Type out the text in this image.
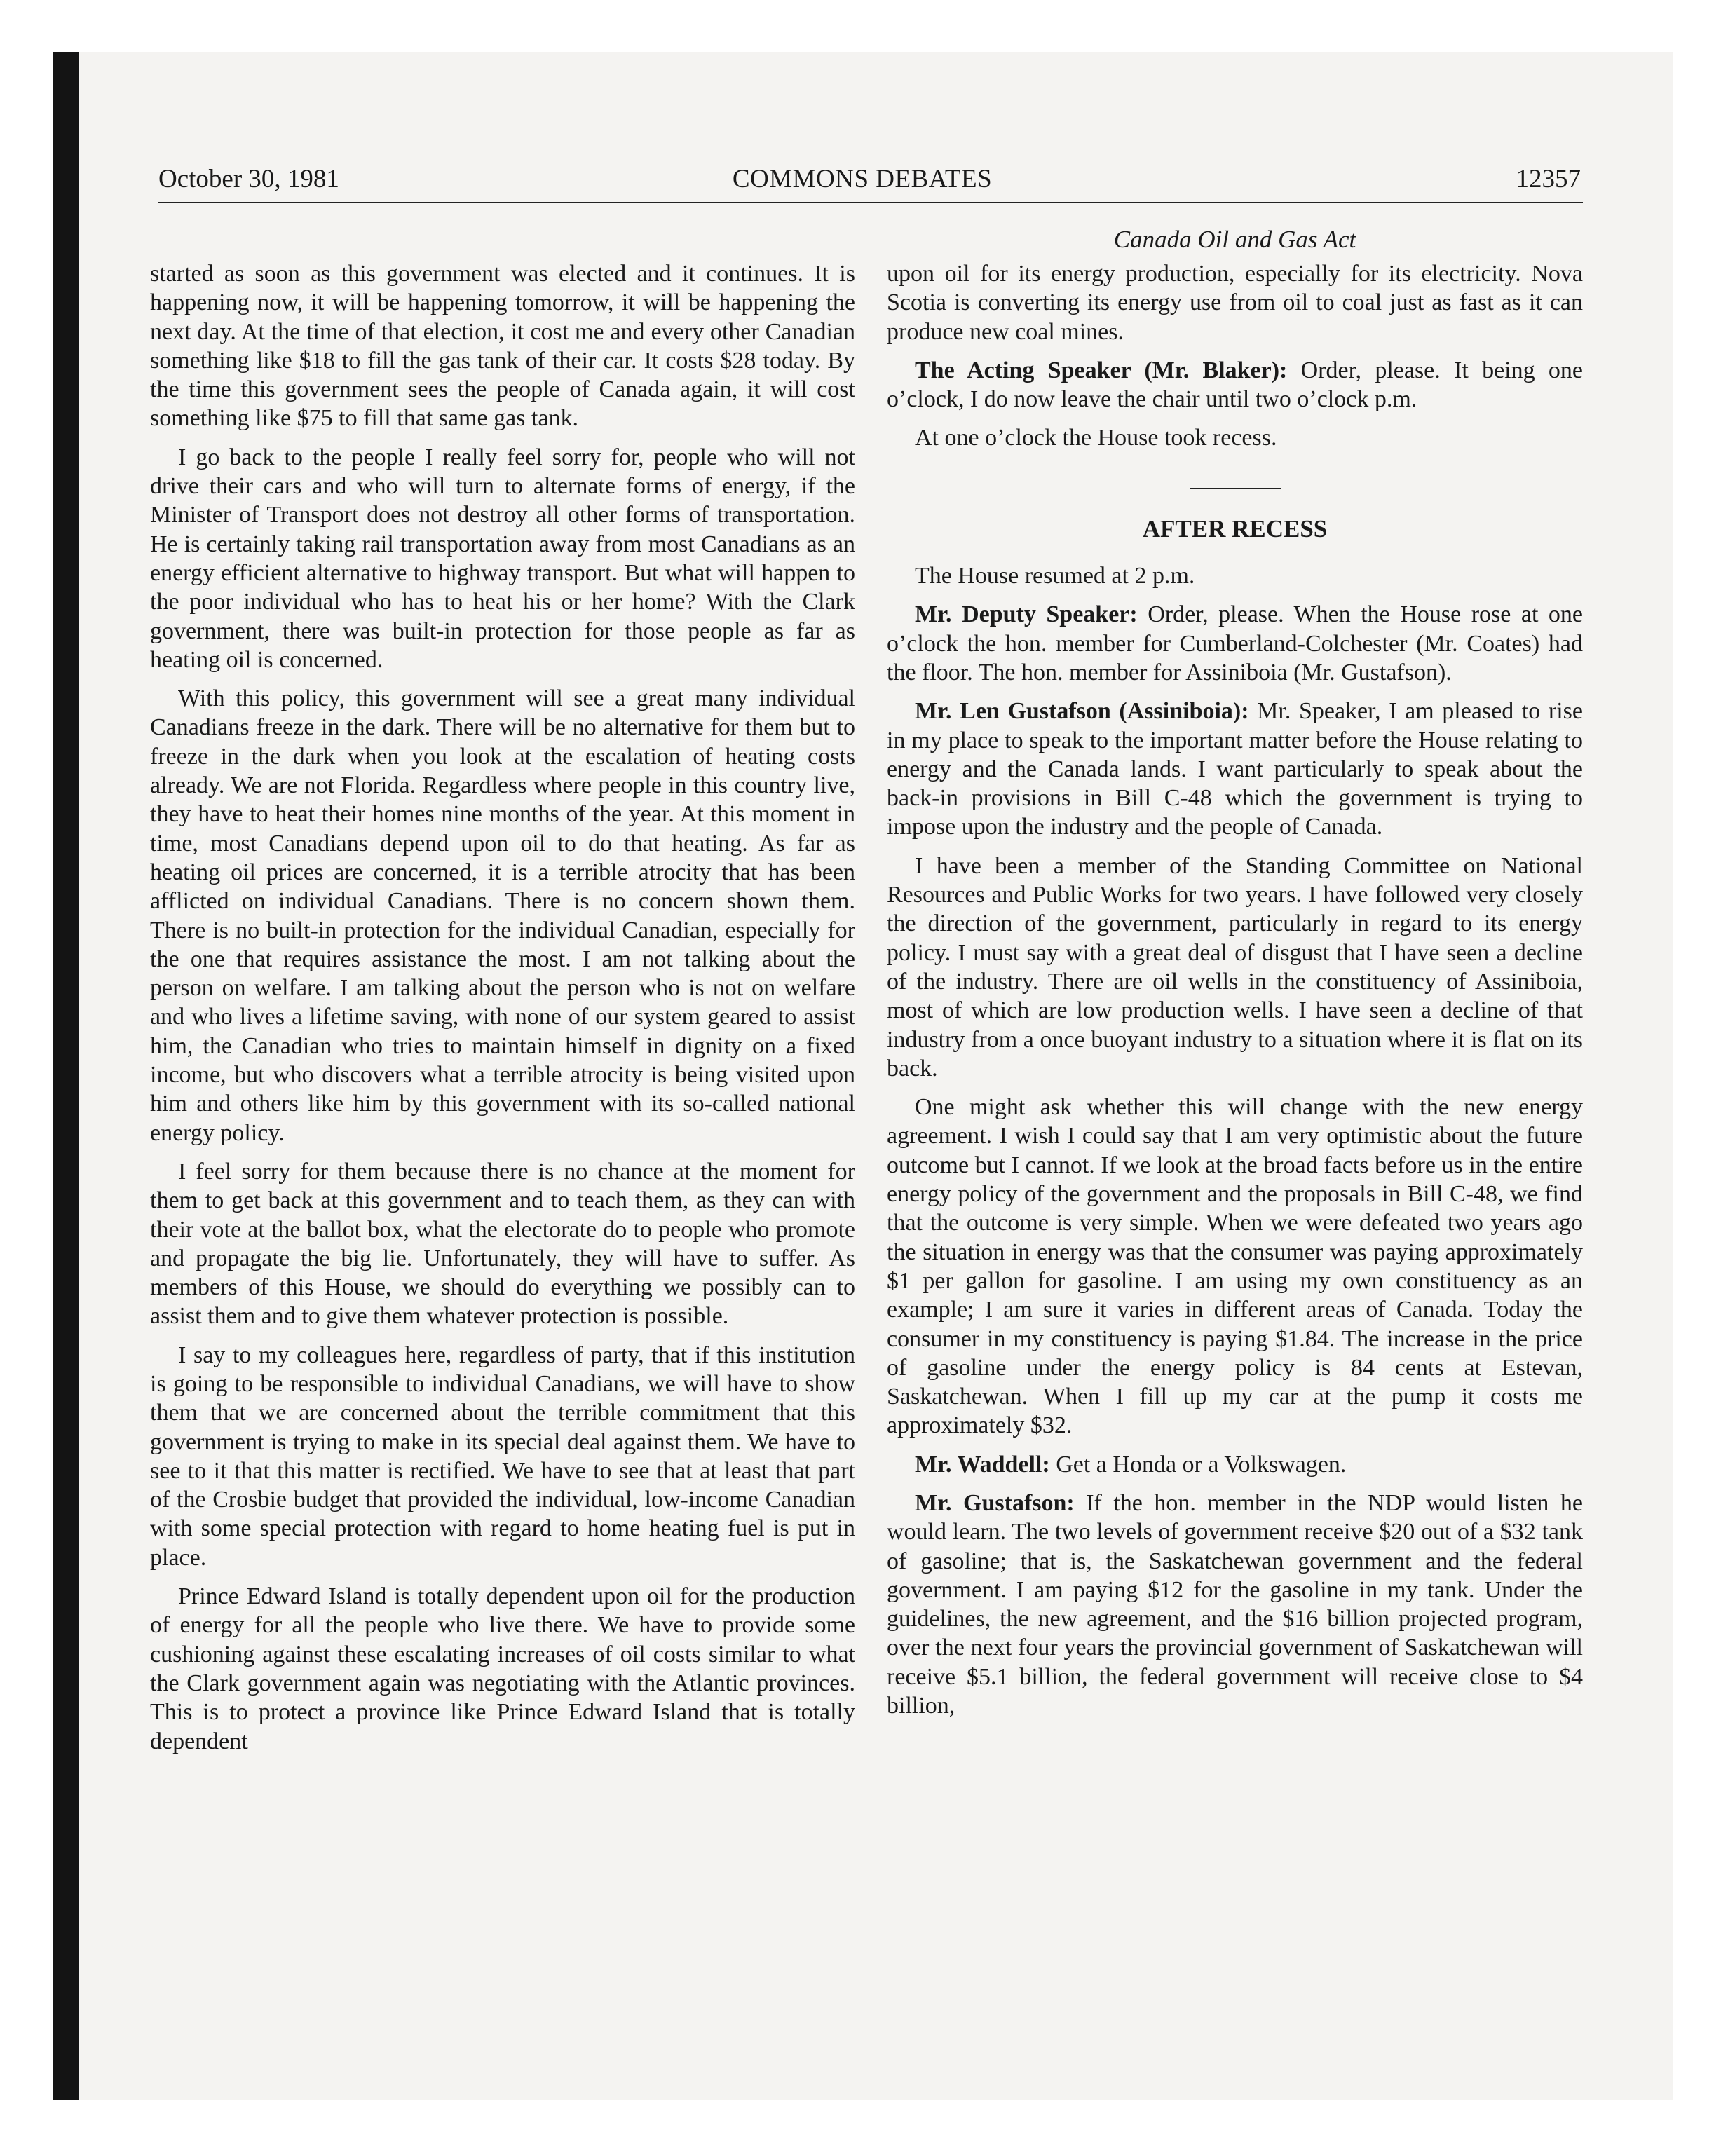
October 30, 1981	COMMONS DEBATES	12357
Canada Oil and Gas Act

started as soon as this government was elected and it continues. It is happening now, it will be happening tomorrow, it will be happening the next day. At the time of that election, it cost me and every other Canadian something like $18 to fill the gas tank of their car. It costs $28 today. By the time this government sees the people of Canada again, it will cost something like $75 to fill that same gas tank.

I go back to the people I really feel sorry for, people who will not drive their cars and who will turn to alternate forms of energy, if the Minister of Transport does not destroy all other forms of transportation. He is certainly taking rail transportation away from most Canadians as an energy efficient alternative to highway transport. But what will happen to the poor individual who has to heat his or her home? With the Clark government, there was built-in protection for those people as far as heating oil is concerned.

With this policy, this government will see a great many individual Canadians freeze in the dark. There will be no alternative for them but to freeze in the dark when you look at the escalation of heating costs already. We are not Florida. Regardless where people in this country live, they have to heat their homes nine months of the year. At this moment in time, most Canadians depend upon oil to do that heating. As far as heating oil prices are concerned, it is a terrible atrocity that has been afflicted on individual Canadians. There is no concern shown them. There is no built-in protection for the individual Canadian, especially for the one that requires assistance the most. I am not talking about the person on welfare. I am talking about the person who is not on welfare and who lives a lifetime saving, with none of our system geared to assist him, the Canadian who tries to maintain himself in dignity on a fixed income, but who discovers what a terrible atrocity is being visited upon him and others like him by this government with its so-called national energy policy.

I feel sorry for them because there is no chance at the moment for them to get back at this government and to teach them, as they can with their vote at the ballot box, what the electorate do to people who promote and propagate the big lie. Unfortunately, they will have to suffer. As members of this House, we should do everything we possibly can to assist them and to give them whatever protection is possible.

I say to my colleagues here, regardless of party, that if this institution is going to be responsible to individual Canadians, we will have to show them that we are concerned about the terrible commitment that this government is trying to make in its special deal against them. We have to see to it that this matter is rectified. We have to see that at least that part of the Crosbie budget that provided the individual, low-income Canadian with some special protection with regard to home heating fuel is put in place.

Prince Edward Island is totally dependent upon oil for the production of energy for all the people who live there. We have to provide some cushioning against these escalating increases of oil costs similar to what the Clark government again was negotiating with the Atlantic provinces. This is to protect a province like Prince Edward Island that is totally dependent

upon oil for its energy production, especially for its electricity. Nova Scotia is converting its energy use from oil to coal just as fast as it can produce new coal mines.

The Acting Speaker (Mr. Blaker): Order, please. It being one o’clock, I do now leave the chair until two o’clock p.m.

At one o’clock the House took recess.

AFTER RECESS

The House resumed at 2 p.m.

Mr. Deputy Speaker: Order, please. When the House rose at one o’clock the hon. member for Cumberland-Colchester (Mr. Coates) had the floor. The hon. member for Assiniboia (Mr. Gustafson).

Mr. Len Gustafson (Assiniboia): Mr. Speaker, I am pleased to rise in my place to speak to the important matter before the House relating to energy and the Canada lands. I want particularly to speak about the back-in provisions in Bill C-48 which the government is trying to impose upon the industry and the people of Canada.

I have been a member of the Standing Committee on National Resources and Public Works for two years. I have followed very closely the direction of the government, particularly in regard to its energy policy. I must say with a great deal of disgust that I have seen a decline of the industry. There are oil wells in the constituency of Assiniboia, most of which are low production wells. I have seen a decline of that industry from a once buoyant industry to a situation where it is flat on its back.

One might ask whether this will change with the new energy agreement. I wish I could say that I am very optimistic about the future outcome but I cannot. If we look at the broad facts before us in the entire energy policy of the government and the proposals in Bill C-48, we find that the outcome is very simple. When we were defeated two years ago the situation in energy was that the consumer was paying approximately $1 per gallon for gasoline. I am using my own constituency as an example; I am sure it varies in different areas of Canada. Today the consumer in my constituency is paying $1.84. The increase in the price of gasoline under the energy policy is 84 cents at Estevan, Saskatchewan. When I fill up my car at the pump it costs me approximately $32.

Mr. Waddell: Get a Honda or a Volkswagen.

Mr. Gustafson: If the hon. member in the NDP would listen he would learn. The two levels of government receive $20 out of a $32 tank of gasoline; that is, the Saskatchewan government and the federal government. I am paying $12 for the gasoline in my tank. Under the guidelines, the new agreement, and the $16 billion projected program, over the next four years the provincial government of Saskatchewan will receive $5.1 billion, the federal government will receive close to $4 billion,
